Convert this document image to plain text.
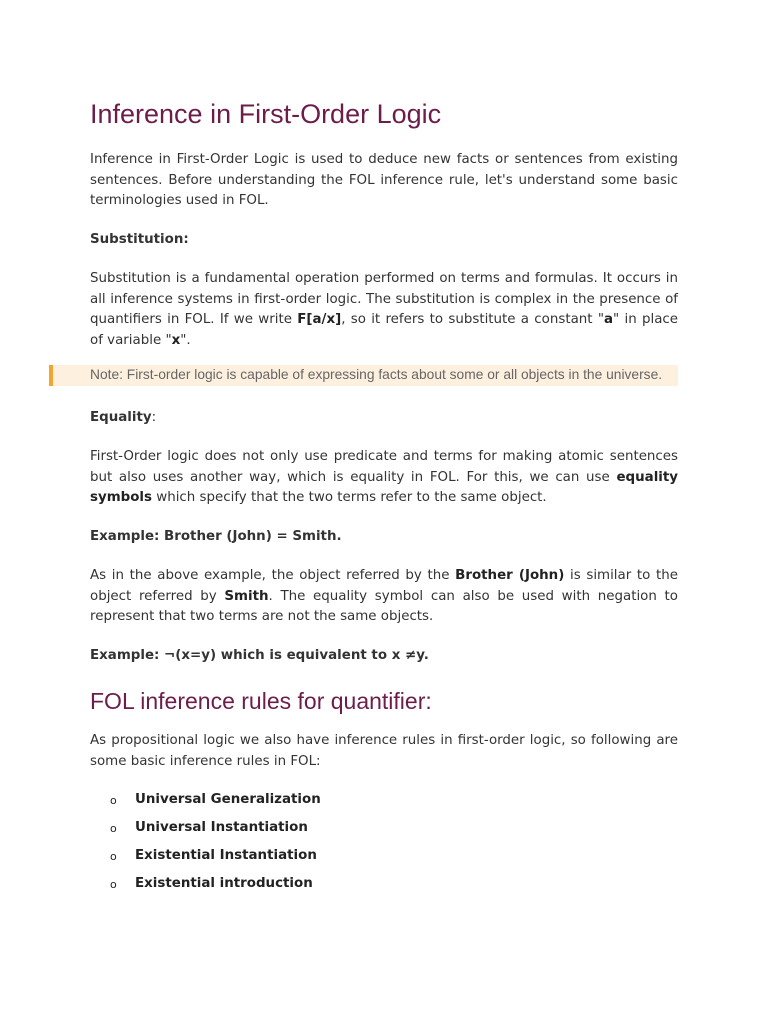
Inference in First-Order Logic

Inference in First-Order Logic is used to deduce new facts or sentences from existing sentences. Before understanding the FOL inference rule, let's understand some basic terminologies used in FOL.

Substitution:

Substitution is a fundamental operation performed on terms and formulas. It occurs in all inference systems in first-order logic. The substitution is complex in the presence of quantifiers in FOL. If we write F[a/x], so it refers to substitute a constant "a" in place of variable "x".

Note: First-order logic is capable of expressing facts about some or all objects in the universe.

Equality:

First-Order logic does not only use predicate and terms for making atomic sentences but also uses another way, which is equality in FOL. For this, we can use equality symbols which specify that the two terms refer to the same object.

Example: Brother (John) = Smith.

As in the above example, the object referred by the Brother (John) is similar to the object referred by Smith. The equality symbol can also be used with negation to represent that two terms are not the same objects.

Example: ¬(x=y) which is equivalent to x ≠y.

FOL inference rules for quantifier:

As propositional logic we also have inference rules in first-order logic, so following are some basic inference rules in FOL:

o Universal Generalization
o Universal Instantiation
o Existential Instantiation
o Existential introduction
